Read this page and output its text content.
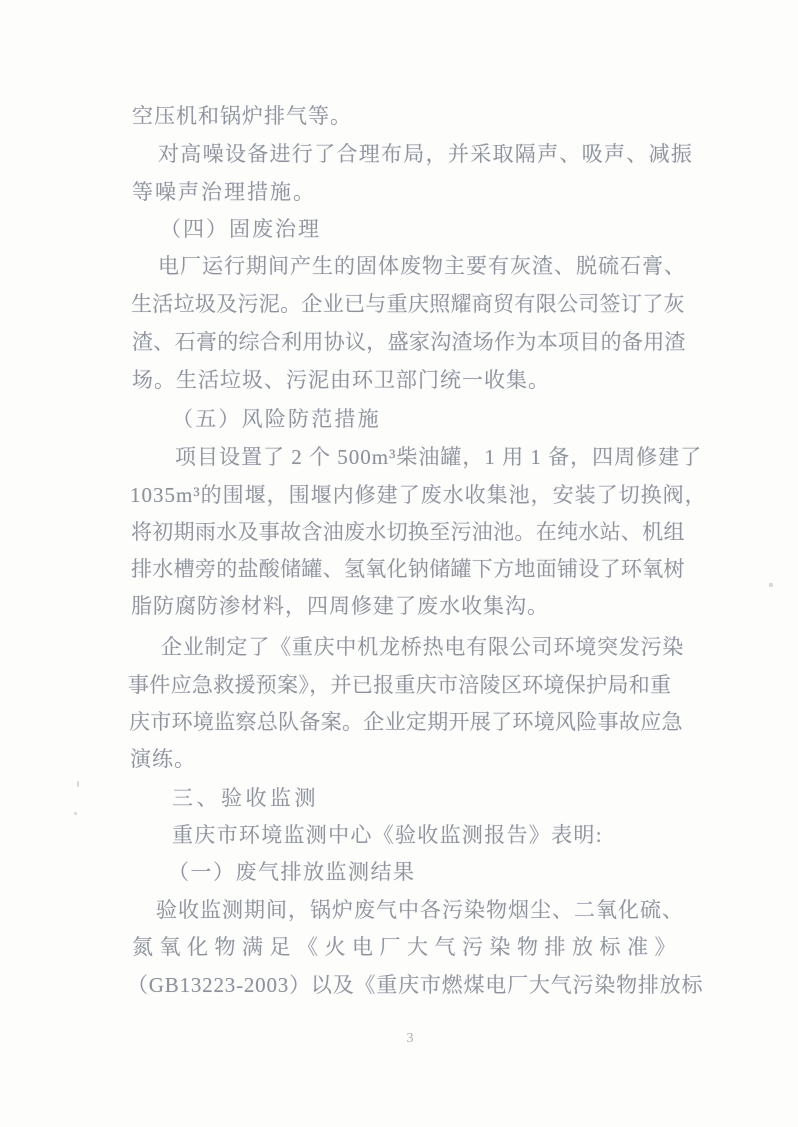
空压机和锅炉排气等。
对高噪设备进行了合理布局，并采取隔声、吸声、减振
等噪声治理措施。
（四）固废治理
电厂运行期间产生的固体废物主要有灰渣、脱硫石膏、
生活垃圾及污泥。企业已与重庆照耀商贸有限公司签订了灰
渣、石膏的综合利用协议，盛家沟渣场作为本项目的备用渣
场。生活垃圾、污泥由环卫部门统一收集。
（五）风险防范措施
项目设置了 2 个 500m³柴油罐，1 用 1 备，四周修建了
1035m³的围堰，围堰内修建了废水收集池，安装了切换阀，
将初期雨水及事故含油废水切换至污油池。在纯水站、机组
排水槽旁的盐酸储罐、氢氧化钠储罐下方地面铺设了环氧树
脂防腐防渗材料，四周修建了废水收集沟。
企业制定了《重庆中机龙桥热电有限公司环境突发污染
事件应急救援预案》，并已报重庆市涪陵区环境保护局和重
庆市环境监察总队备案。企业定期开展了环境风险事故应急
演练。
三、验收监测
重庆市环境监测中心《验收监测报告》表明:
（一）废气排放监测结果
验收监测期间，锅炉废气中各污染物烟尘、二氧化硫、
氮氧化物满足《火电厂大气污染物排放标准》
（GB13223-2003）以及《重庆市燃煤电厂大气污染物排放标
3
